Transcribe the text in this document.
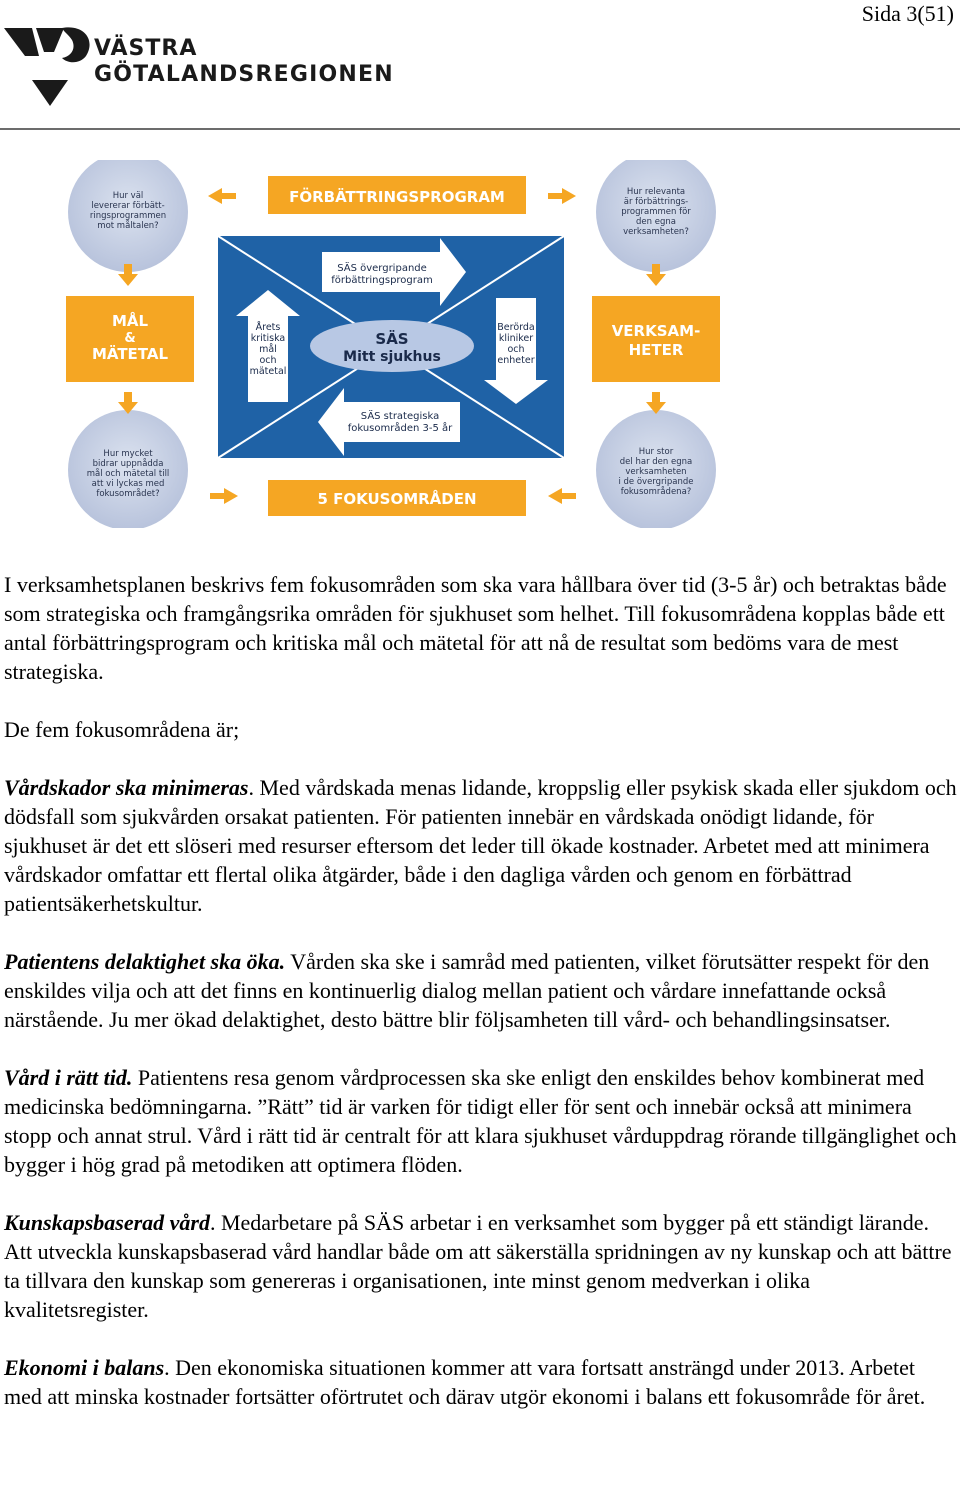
Sida 3(51)
VÄSTRA
GÖTALANDSREGIONEN
FÖRBÄTTRINGSPROGRAM
5 FOKUSOMRÅDEN
MÅL
&
MÄTETAL
VERKSAM-
HETER
SÄS övergripande
förbättringsprogram
SÄS strategiska
fokusområden 3-5 år
Årets
kritiska
mål
och
mätetal
Berörda
kliniker
och
enheter
SÄS
Mitt sjukhus
Hur väl
levererar förbätt-
ringsprogrammen
mot måltalen?
Hur relevanta
är förbättrings-
programmen för
den egna
verksamheten?
Hur mycket
bidrar uppnådda
mål och mätetal till
att vi lyckas med
fokusområdet?
Hur stor
del har den egna
verksamheten
i de övergripande
fokusområdena?

I verksamhetsplanen beskrivs fem fokusområden som ska vara hållbara över tid (3-5 år) och betraktas både som strategiska och framgångsrika områden för sjukhuset som helhet. Till fokusområdena kopplas både ett antal förbättringsprogram och kritiska mål och mätetal för att nå de resultat som bedöms vara de mest strategiska.

De fem fokusområdena är;

Vårdskador ska minimeras. Med vårdskada menas lidande, kroppslig eller psykisk skada eller sjukdom och dödsfall som sjukvården orsakat patienten. För patienten innebär en vårdskada onödigt lidande, för sjukhuset är det ett slöseri med resurser eftersom det leder till ökade kostnader. Arbetet med att minimera vårdskador omfattar ett flertal olika åtgärder, både i den dagliga vården och genom en förbättrad patientsäkerhetskultur.

Patientens delaktighet ska öka. Vården ska ske i samråd med patienten, vilket förutsätter respekt för den enskildes vilja och att det finns en kontinuerlig dialog mellan patient och vårdare innefattande också närstående. Ju mer ökad delaktighet, desto bättre blir följsamheten till vård- och behandlingsinsatser.

Vård i rätt tid. Patientens resa genom vårdprocessen ska ske enligt den enskildes behov kombinerat med medicinska bedömningarna. ”Rätt” tid är varken för tidigt eller för sent och innebär också att minimera stopp och annat strul. Vård i rätt tid är centralt för att klara sjukhuset vårduppdrag rörande tillgänglighet och bygger i hög grad på metodiken att optimera flöden.

Kunskapsbaserad vård. Medarbetare på SÄS arbetar i en verksamhet som bygger på ett ständigt lärande. Att utveckla kunskapsbaserad vård handlar både om att säkerställa spridningen av ny kunskap och att bättre ta tillvara den kunskap som genereras i organisationen, inte minst genom medverkan i olika kvalitetsregister.

Ekonomi i balans. Den ekonomiska situationen kommer att vara fortsatt ansträngd under 2013. Arbetet med att minska kostnader fortsätter oförtrutet och därav utgör ekonomi i balans ett fokusområde för året.
